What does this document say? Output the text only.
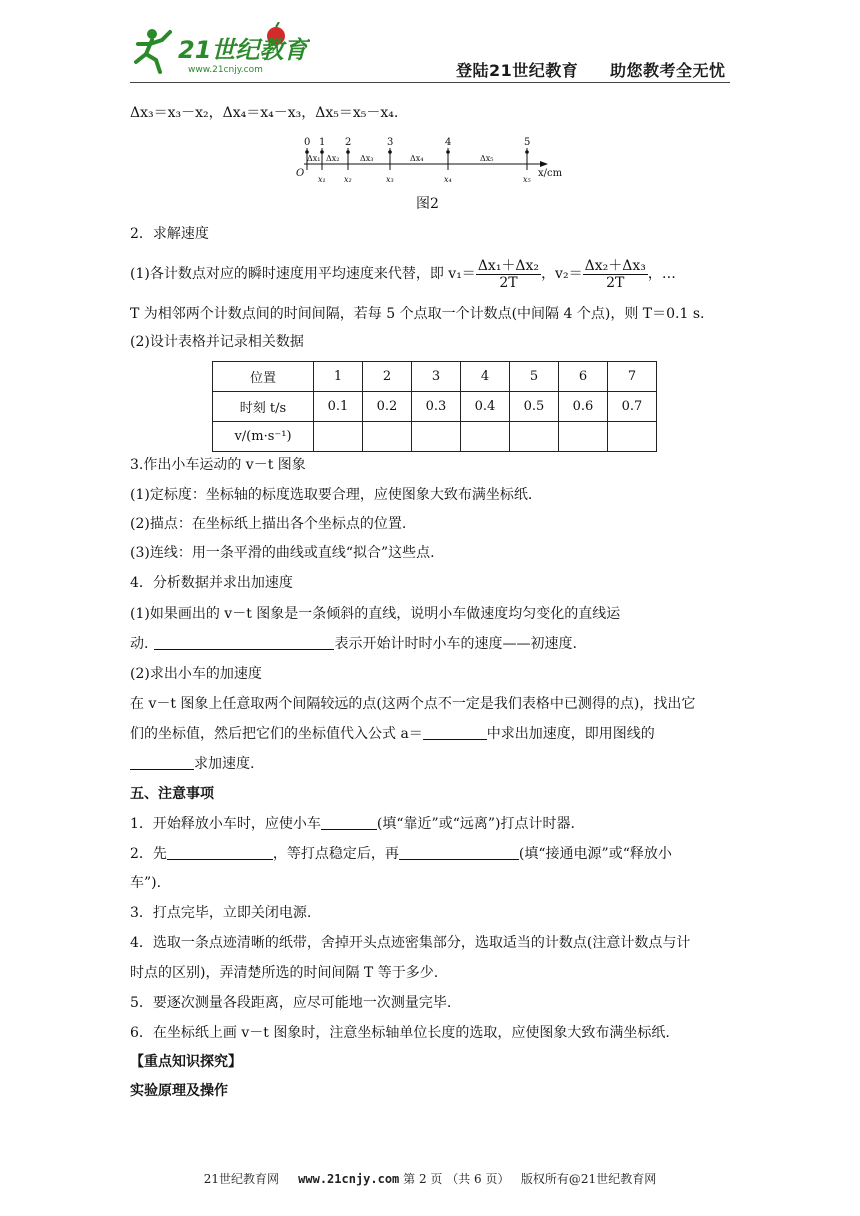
21世纪教育
www.21cnjy.com	登陆21世纪教育 助您教考全无忧
Δx₃＝x₃－x₂，Δx₄＝x₄－x₃，Δx₅＝x₅－x₄.
0 1 2	3	4	5
Δx₁ Δx₂	Δx₃	Δx₄	Δx₅
O
x₁ x₂	x₃	x₄	x₅
x/cm
图2
2．求解速度
(1)各计数点对应的瞬时速度用平均速度来代替，即 $v_1= \frac{\text{Δx₁＋Δx₂}}{2T}$ ，$v_2= \frac{\text{Δx₂＋Δx₃}}{2T}$ ，…
T 为相邻两个计数点间的时间间隔，若每 5 个点取一个计数点(中间隔 4 个点)，则 T＝0.1 s.
(2)设计表格并记录相关数据
位置	1	2	3	4	5	6	7
时刻 t/s	0.1	0.2	0.3	0.4	0.5	0.6	0.7
v/(m·s⁻¹)							
3.作出小车运动的 v－t 图象
(1)定标度：坐标轴的标度选取要合理，应使图象大致布满坐标纸.
(2)描点：在坐标纸上描出各个坐标点的位置.
(3)连线：用一条平滑的曲线或直线“拟合”这些点.
4．分析数据并求出加速度
(1)如果画出的 v－t 图象是一条倾斜的直线，说明小车做速度均匀变化的直线运
动.	表示开始计时时小车的速度——初速度.
(2)求出小车的加速度
在 v－t 图象上任意取两个间隔较远的点(这两个点不一定是我们表格中已测得的点)，找出它
们的坐标值，然后把它们的坐标值代入公式 a＝	中求出加速度，即用图线的
求加速度.
五、注意事项
1．开始释放小车时，应使小车	(填“靠近”或“远离”)打点计时器.
2．先	，等打点稳定后，再	(填“接通电源”或“释放小
车”).
3．打点完毕，立即关闭电源.
4．选取一条点迹清晰的纸带，舍掉开头点迹密集部分，选取适当的计数点(注意计数点与计
时点的区别)，弄清楚所选的时间间隔 T 等于多少.
5．要逐次测量各段距离，应尽可能地一次测量完毕.
6．在坐标纸上画 v－t 图象时，注意坐标轴单位长度的选取，应使图象大致布满坐标纸.
【重点知识探究】
实验原理及操作
21世纪教育网 www.21cnjy.com 第 2 页 （共 6 页） 版权所有@21世纪教育网
